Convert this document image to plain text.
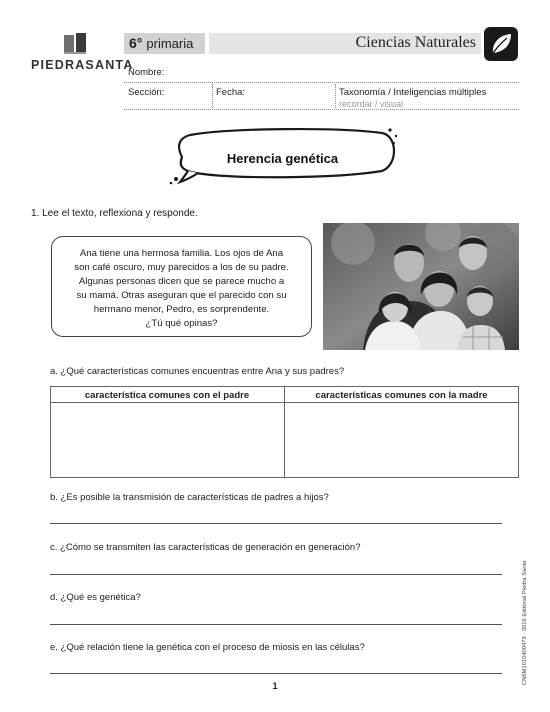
PIEDRASANTA
6° primaria	Ciencias Naturales
Nombre:
Sección:	Fecha:	Taxonomía / Inteligencias múltiples
recordar / visual
Herencia genética
1. Lee el texto, reflexiona y responde.
Ana tiene una hermosa familia. Los ojos de Ana
son café oscuro, muy parecidos a los de su padre.
Algunas personas dicen que se parece mucho a
su mamá. Otras aseguran que el parecido con su
hermano menor, Pedro, es sorprendente.
¿Tú qué opinas?
a. ¿Qué características comunes encuentras entre Ana y sus padres?
característica comunes con el padre	características comunes con la madre
b. ¿Es posible la transmisión de características de padres a hijos?
c. ¿Cómo se transmiten las características de generación en generación?
d. ¿Qué es genética?
e. ¿Qué relación tiene la genética con el proceso de miosis en las células?	CN6M1010400479 · 2016 Editorial Piedra Santa
1
